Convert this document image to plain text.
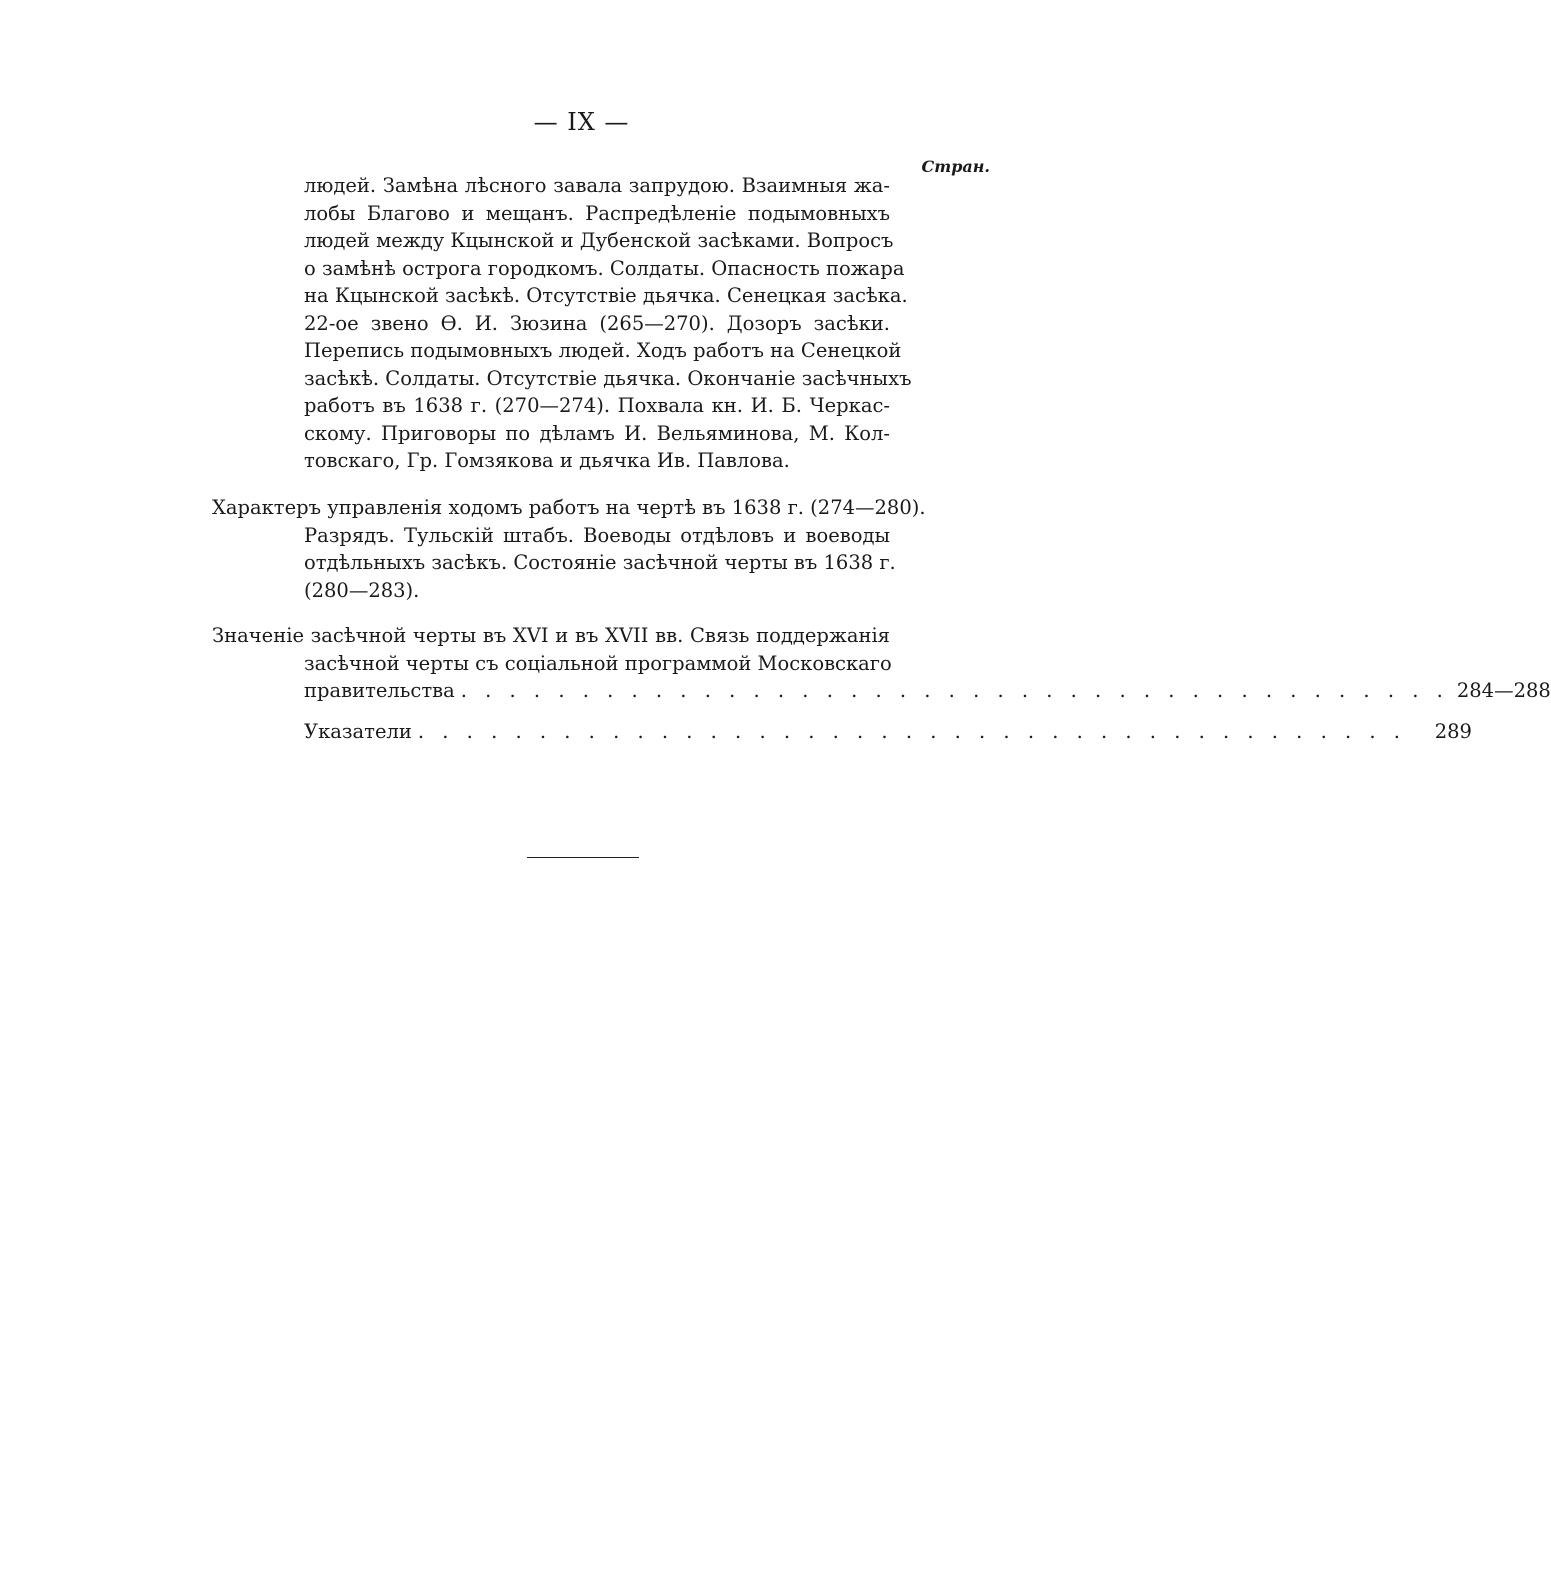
— IX —
Стран.
людей. Замѣна лѣсного завала запрудою. Взаимныя жа-
лобы Благово и мещанъ. Распредѣленіе подымовныхъ
людей между Кцынской и Дубенской засѣками. Вопросъ
о замѣнѣ острога городкомъ. Солдаты. Опасность пожара
на Кцынской засѣкѣ. Отсутствіе дьячка. Сенецкая засѣка.
22-ое звено Ѳ. И. Зюзина (265—270). Дозоръ засѣки.
Перепись подымовныхъ людей. Ходъ работъ на Сенецкой
засѣкѣ. Солдаты. Отсутствіе дьячка. Окончаніе засѣчныхъ
работъ въ 1638 г. (270—274). Похвала кн. И. Б. Черкас-
скому. Приговоры по дѣламъ И. Вельяминова, М. Кол-
товскаго, Гр. Гомзякова и дьячка Ив. Павлова.
Характеръ управленія ходомъ работъ на чертѣ въ 1638 г. (274—280).
Разрядъ. Тульскій штабъ. Воеводы отдѣловъ и воеводы
отдѣльныхъ засѣкъ. Состояніе засѣчной черты въ 1638 г.
(280—283).
Значеніе засѣчной черты въ XVI и въ XVII вв. Связь поддержанія
засѣчной черты съ соціальной программой Московскаго
правительства . . . . . . . . . . . . . . . . . . . . . . . . . . . . . . . . . . . . . . . . . 284—288
Указатели . . . . . . . . . . . . . . . . . . . . . . . . . . . . . . . . . . . . . . . . .	289
